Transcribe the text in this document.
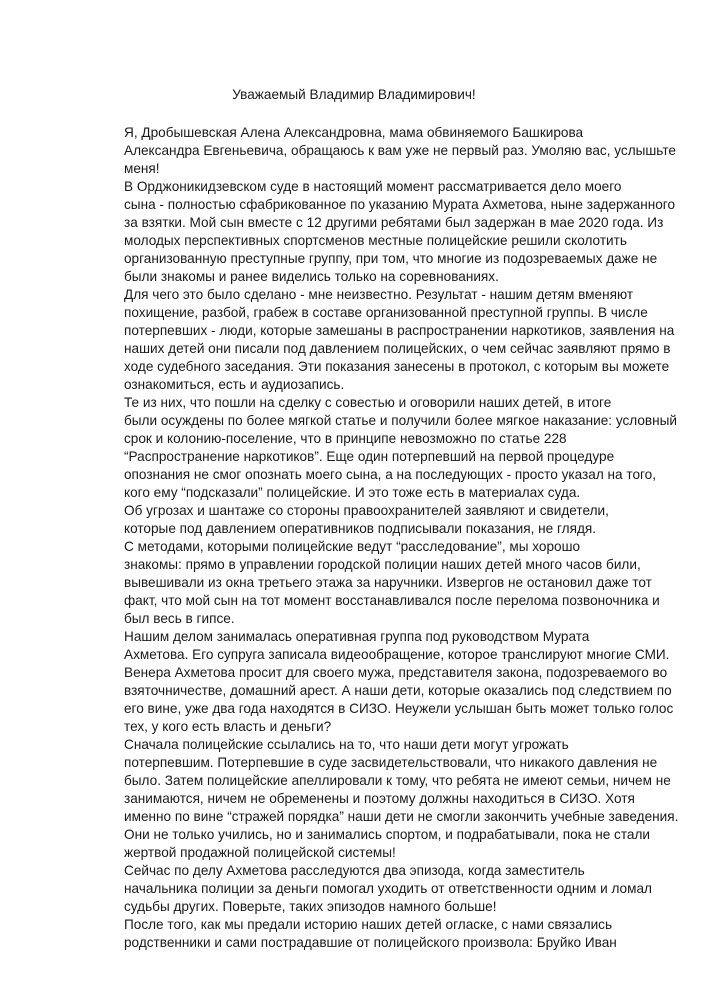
Уважаемый Владимир Владимирович!

Я, Дробышевская Алена Александровна, мама обвиняемого Башкирова
Александра Евгеньевича, обращаюсь к вам уже не первый раз. Умоляю вас, услышьте
меня!

В Орджоникидзевском суде в настоящий момент рассматривается дело моего
сына - полностью сфабрикованное по указанию Мурата Ахметова, ныне задержанного
за взятки. Мой сын вместе с 12 другими ребятами был задержан в мае 2020 года. Из
молодых перспективных спортсменов местные полицейские решили сколотить
организованную преступные группу, при том, что многие из подозреваемых даже не
были знакомы и ранее виделись только на соревнованиях.

Для чего это было сделано - мне неизвестно. Результат - нашим детям вменяют
похищение, разбой, грабеж в составе организованной преступной группы. В числе
потерпевших - люди, которые замешаны в распространении наркотиков, заявления на
наших детей они писали под давлением полицейских, о чем сейчас заявляют прямо в
ходе судебного заседания. Эти показания занесены в протокол, с которым вы можете
ознакомиться, есть и аудиозапись.

Те из них, что пошли на сделку с совестью и оговорили наших детей, в итоге
были осуждены по более мягкой статье и получили более мягкое наказание: условный
срок и колонию-поселение, что в принципе невозможно по статье 228
“Распространение наркотиков”. Еще один потерпевший на первой процедуре
опознания не смог опознать моего сына, а на последующих - просто указал на того,
кого ему “подсказали” полицейские. И это тоже есть в материалах суда.

Об угрозах и шантаже со стороны правоохранителей заявляют и свидетели,
которые под давлением оперативников подписывали показания, не глядя.

С методами, которыми полицейские ведут “расследование”, мы хорошо
знакомы: прямо в управлении городской полиции наших детей много часов били,
вывешивали из окна третьего этажа за наручники. Извергов не остановил даже тот
факт, что мой сын на тот момент восстанавливался после перелома позвоночника и
был весь в гипсе.

Нашим делом занималась оперативная группа под руководством Мурата
Ахметова. Его супруга записала видеообращение, которое транслируют многие СМИ.
Венера Ахметова просит для своего мужа, представителя закона, подозреваемого во
взяточничестве, домашний арест. А наши дети, которые оказались под следствием по
его вине, уже два года находятся в СИЗО. Неужели услышан быть может только голос
тех, у кого есть власть и деньги?

Сначала полицейские ссылались на то, что наши дети могут угрожать
потерпевшим. Потерпевшие в суде засвидетельствовали, что никакого давления не
было. Затем полицейские апеллировали к тому, что ребята не имеют семьи, ничем не
занимаются, ничем не обременены и поэтому должны находиться в СИЗО. Хотя
именно по вине “стражей порядка” наши дети не смогли закончить учебные заведения.
Они не только учились, но и занимались спортом, и подрабатывали, пока не стали
жертвой продажной полицейской системы!

Сейчас по делу Ахметова расследуются два эпизода, когда заместитель
начальника полиции за деньги помогал уходить от ответственности одним и ломал
судьбы других. Поверьте, таких эпизодов намного больше!

После того, как мы предали историю наших детей огласке, с нами связались
родственники и сами пострадавшие от полицейского произвола: Бруйко Иван
